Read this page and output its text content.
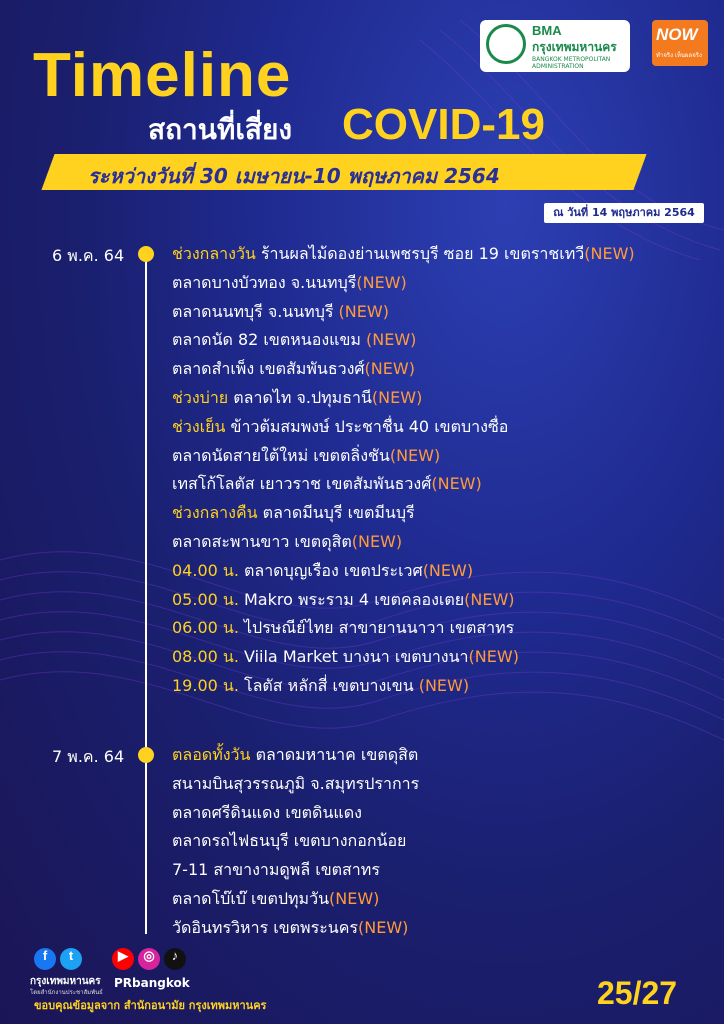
BMA
กรุงเทพมหานคร
BANGKOK METROPOLITAN ADMINISTRATION
NOW
ทำจริง เห็นผลจริง
Timeline
สถานที่เสี่ยง COVID-19
ระหว่างวันที่ 30 เมษายน-10 พฤษภาคม 2564
ณ วันที่ 14 พฤษภาคม 2564
6 พ.ค. 64	ช่วงกลางวัน ร้านผลไม้ดองย่านเพชรบุรี ซอย 19 เขตราชเทวี(NEW)
ตลาดบางบัวทอง จ.นนทบุรี(NEW)
ตลาดนนทบุรี จ.นนทบุรี (NEW)
ตลาดนัด 82 เขตหนองแขม (NEW)
ตลาดสำเพ็ง เขตสัมพันธวงศ์(NEW)
ช่วงบ่าย ตลาดไท จ.ปทุมธานี(NEW)
ช่วงเย็น ข้าวต้มสมพงษ์ ประชาชื่น 40 เขตบางซื่อ
ตลาดนัดสายใต้ใหม่ เขตตลิ่งชัน(NEW)
เทสโก้โลตัส เยาวราช เขตสัมพันธวงศ์(NEW)
ช่วงกลางคืน ตลาดมีนบุรี เขตมีนบุรี
ตลาดสะพานขาว เขตดุสิต(NEW)
04.00 น. ตลาดบุญเรือง เขตประเวศ(NEW)
05.00 น. Makro พระราม 4 เขตคลองเตย(NEW)
06.00 น. ไปรษณีย์ไทย สาขายานนาวา เขตสาทร
08.00 น. Viila Market บางนา เขตบางนา(NEW)
19.00 น. โลตัส หลักสี่ เขตบางเขน (NEW)
7 พ.ค. 64	ตลอดทั้งวัน ตลาดมหานาค เขตดุสิต
สนามบินสุวรรณภูมิ จ.สมุทรปราการ
ตลาดศรีดินแดง เขตดินแดง
ตลาดรถไฟธนบุรี เขตบางกอกน้อย
7-11 สาขางามดูพลี เขตสาทร
ตลาดโบ๊เบ๊ เขตปทุมวัน(NEW)
วัดอินทรวิหาร เขตพระนคร(NEW)
f	t
กรุงเทพมหานคร
โดยสำนักงานประชาสัมพันธ์
▶	◎	♪
PRbangkok
ขอบคุณข้อมูลจาก สำนักอนามัย กรุงเทพมหานคร	25/27
